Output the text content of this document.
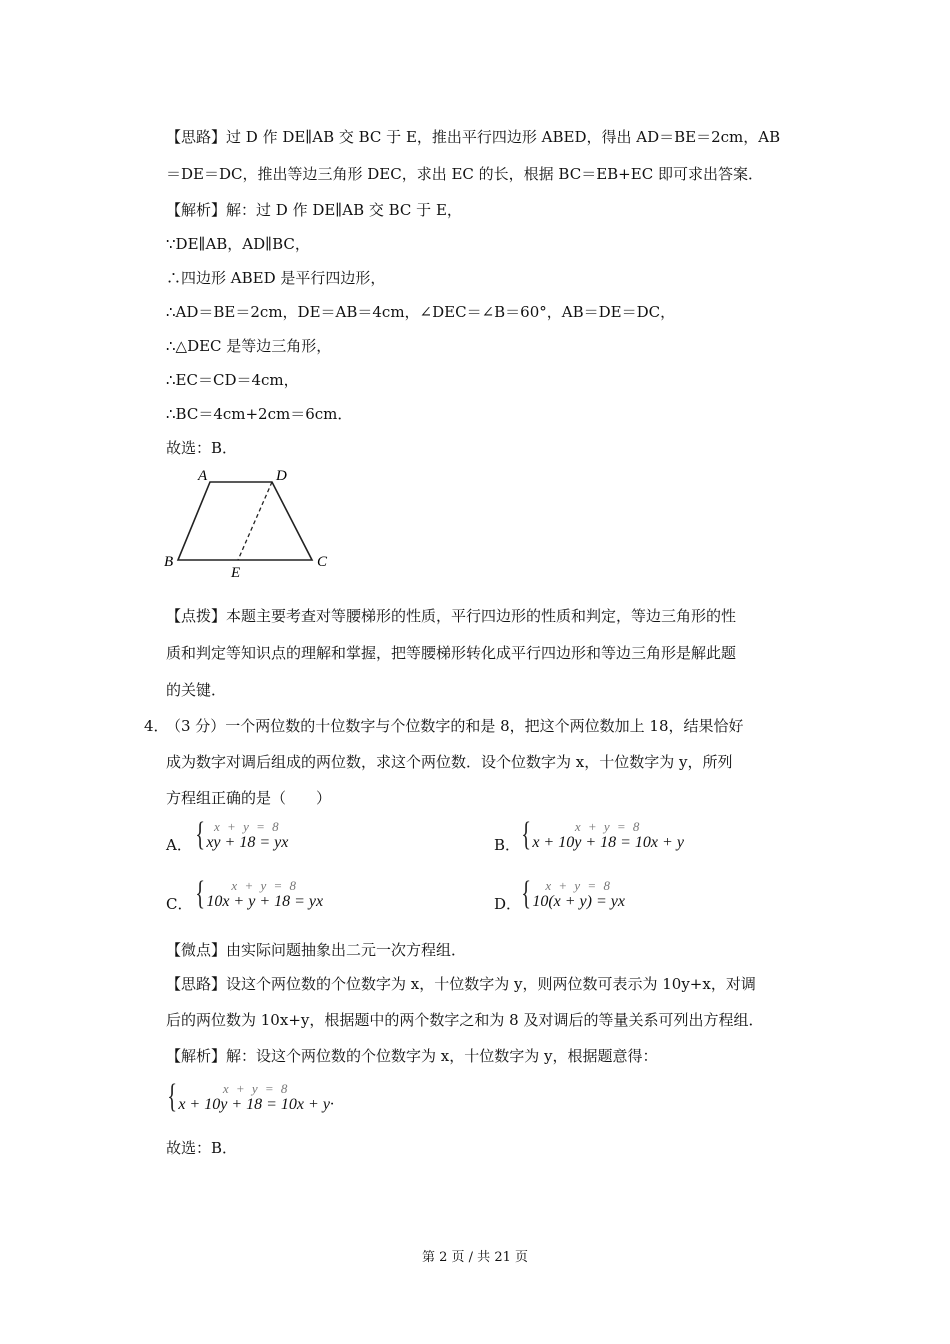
【思路】过 D 作 DE∥AB 交 BC 于 E，推出平行四边形 ABED，得出 AD＝BE＝2cm，AB
＝DE＝DC，推出等边三角形 DEC，求出 EC 的长，根据 BC＝EB+EC 即可求出答案．
【解析】解：过 D 作 DE∥AB 交 BC 于 E，
∵DE∥AB，AD∥BC，
∴四边形 ABED 是平行四边形，
∴AD＝BE＝2cm，DE＝AB＝4cm，∠DEC＝∠B＝60°，AB＝DE＝DC，
∴△DEC 是等边三角形，
∴EC＝CD＝4cm，
∴BC＝4cm+2cm＝6cm．
故选：B．
A	D
B
E
C
【点拨】本题主要考查对等腰梯形的性质，平行四边形的性质和判定，等边三角形的性
质和判定等知识点的理解和掌握，把等腰梯形转化成平行四边形和等边三角形是解此题
的关键．
4．
（3 分）一个两位数的十位数字与个位数字的和是 8，把这个两位数加上 18，结果恰好
成为数字对调后组成的两位数，求这个两位数．设个位数字为 x，十位数字为 y，所列
方程组正确的是（　　）
A． { x + y = 8
xy + 18 = yx	B． {	x + y = 8
x + 10y + 18 = 10x + y
C． { x + y = 8
10x + y + 18 = yx	D． { x + y = 8
10(x + y) = yx
【微点】由实际问题抽象出二元一次方程组．
【思路】设这个两位数的个位数字为 x，十位数字为 y，则两位数可表示为 10y+x，对调
后的两位数为 10x+y，根据题中的两个数字之和为 8 及对调后的等量关系可列出方程组．
【解析】解：设这个两位数的个位数字为 x，十位数字为 y，根据题意得：
{	x + y = 8
x + 10y + 18 = 10x + y·
故选：B．
第 2 页 / 共 21 页
